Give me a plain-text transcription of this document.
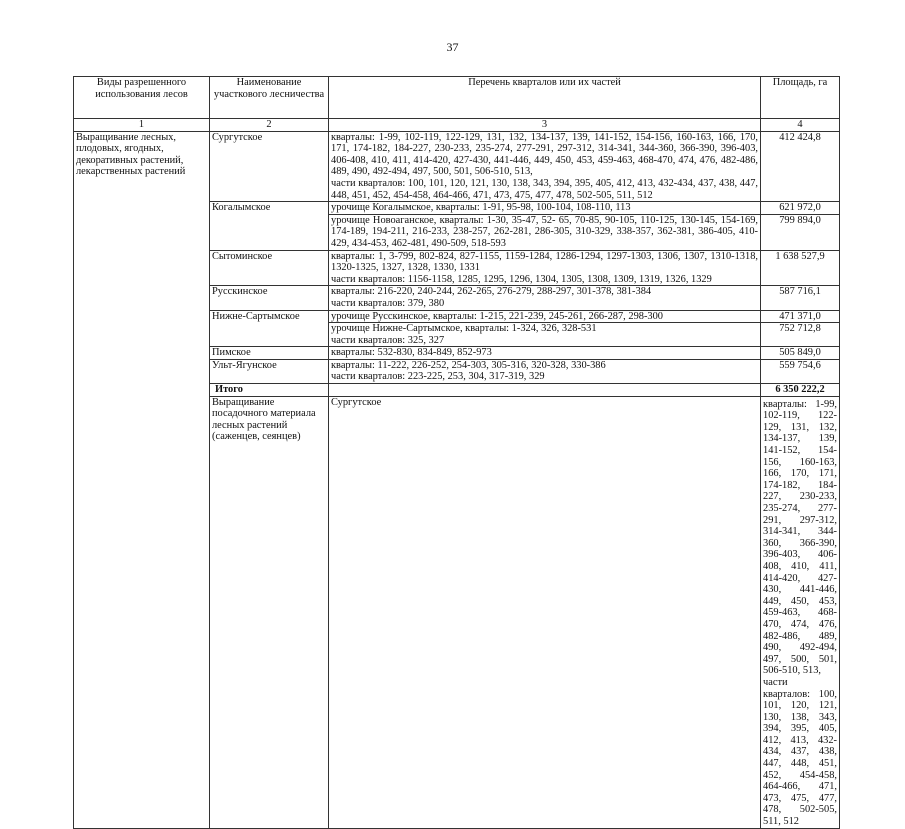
37
Виды разрешенного использования лесов	Наименование участкового лесничества	Перечень кварталов или их частей	Площадь, га	
1	2	3	4	
Выращивание лесных, плодовых, ягодных, декоративных растений, лекарственных растений	Сургутское	кварталы: 1-99, 102-119, 122-129, 131, 132, 134-137, 139, 141-152, 154-156, 160-163, 166, 170, 171, 174-182, 184-227, 230-233, 235-274, 277-291, 297-312, 314-341, 344-360, 366-390, 396-403, 406-408, 410, 411, 414-420, 427-430, 441-446, 449, 450, 453, 459-463, 468-470, 474, 476, 482-486, 489, 490, 492-494, 497, 500, 501, 506-510, 513,
части кварталов: 100, 101, 120, 121, 130, 138, 343, 394, 395, 405, 412, 413, 432-434, 437, 438, 447, 448, 451, 452, 454-458, 464-466, 471, 473, 475, 477, 478, 502-505, 511, 512	412 424,8	
	Когалымское	урочище Когалымское, кварталы: 1-91, 95-98, 100-104, 108-110, 113	621 972,0	

		урочище Новоаганское, кварталы: 1-30, 35-47, 52- 65, 70-85, 90-105, 110-125, 130-145, 154-169, 174-189, 194-211, 216-233, 238-257, 262-281, 286-305, 310-329, 338-357, 362-381, 386-405, 410-429, 434-453, 462-481, 490-509, 518-593	799 894,0	
	Сытоминское	кварталы: 1, 3-799, 802-824, 827-1155, 1159-1284, 1286-1294, 1297-1303, 1306, 1307, 1310-1318, 1320-1325, 1327, 1328, 1330, 1331
части кварталов: 1156-1158, 1285, 1295, 1296, 1304, 1305, 1308, 1309, 1319, 1326, 1329	1 638 527,9	
	Русскинское	кварталы: 216-220, 240-244, 262-265, 276-279, 288-297, 301-378, 381-384
части кварталов: 379, 380	587 716,1	
	Нижне-Сартымское	урочище Русскинское, кварталы: 1-215, 221-239, 245-261, 266-287, 298-300	471 371,0	

		урочище Нижне-Сартымское, кварталы: 1-324, 326, 328-531
части кварталов: 325, 327	752 712,8	
	Пимское	кварталы: 532-830, 834-849, 852-973	505 849,0	
	Ульт-Ягунское	кварталы: 11-222, 226-252, 254-303, 305-316, 320-328, 330-386
части кварталов: 223-225, 253, 304, 317-319, 329	559 754,6	
	Итого		6 350 222,2	
	Выращивание посадочного материала лесных растений (саженцев, сеянцев)	Сургутское	кварталы: 1-99, 102-119, 122-129, 131, 132, 134-137, 139, 141-152, 154-156, 160-163, 166, 170, 171, 174-182, 184-227, 230-233, 235-274, 277-291, 297-312, 314-341, 344-360, 366-390, 396-403, 406-408, 410, 411, 414-420, 427-430, 441-446, 449, 450, 453, 459-463, 468-470, 474, 476, 482-486, 489, 490, 492-494, 497, 500, 501, 506-510, 513,
части кварталов: 100, 101, 120, 121, 130, 138, 343, 394, 395, 405, 412, 413, 432-434, 437, 438, 447, 448, 451, 452, 454-458, 464-466, 471, 473, 475, 477, 478, 502-505, 511, 512
